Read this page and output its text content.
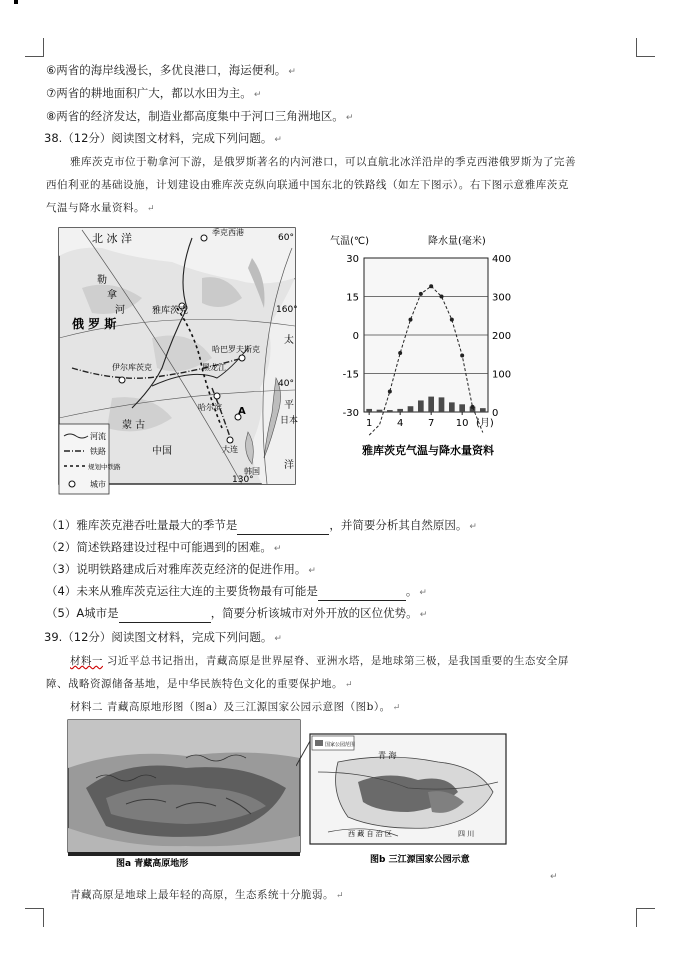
⑥两省的海岸线漫长，多优良港口，海运便利。 ↵
⑦两省的耕地面积广大，都以水田为主。 ↵
⑧两省的经济发达，制造业都高度集中于河口三角洲地区。 ↵
38.（12分）阅读图文材料，完成下列问题。 ↵
雅库茨克市位于勒拿河下游，是俄罗斯著名的内河港口，可以直航北冰洋沿岸的季克西港俄罗斯为了完善
西伯利亚的基础设施，计划建设由雅库茨克纵向联通中国东北的铁路线（如左下图示）。右下图示意雅库茨克
气温与降水量资料。 ↵
北 冰 洋	季克西港
60°
俄 罗 斯
雅库茨克	160°
勒
拿
河
黑龙江
哈巴罗夫斯克
伊尔库茨克
太
40°
哈尔滨
蒙 古
中国
A
大连
韩国
日本
平
洋
130°
河流
铁路
规划中铁路
城市
气温(℃)	降水量(毫米)
30
15
0
-15
-30
400
300
200
100
0
1 4 7 10 (月)
雅库茨克气温与降水量资料
（1）雅库茨克港吞吐量最大的季节是	，并简要分析其自然原因。 ↵
（2）简述铁路建设过程中可能遇到的困难。 ↵
（3）说明铁路建成后对雅库茨克经济的促进作用。 ↵
（4）未来从雅库茨克运往大连的主要货物最有可能是	。 ↵
（5）A城市是	，简要分析该城市对外开放的区位优势。 ↵
39.（12分）阅读图文材料，完成下列问题。 ↵
材料一 习近平总书记指出，青藏高原是世界屋脊、亚洲水塔，是地球第三极，是我国重要的生态安全屏
障、战略资源储备基地，是中华民族特色文化的重要保护地。 ↵
材料二 青藏高原地形图（图a）及三江源国家公园示意图（图b）。 ↵
图a 青藏高原地形
国家公园范围
青 海
西 藏 自 治 区	四 川
图b 三江源国家公园示意
↵
青藏高原是地球上最年轻的高原，生态系统十分脆弱。 ↵
